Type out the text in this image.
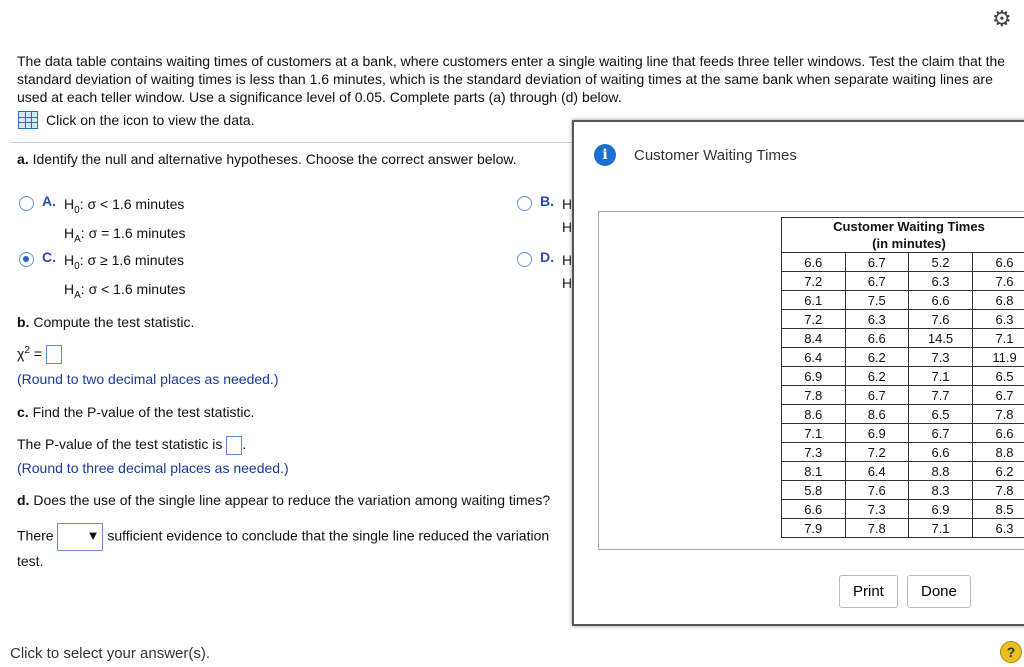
⚙
The data table contains waiting times of customers at a bank, where customers enter a single waiting line that feeds three teller windows. Test the claim that the standard deviation of waiting times is less than 1.6 minutes, which is the standard deviation of waiting times at the same bank when separate waiting lines are used at each teller window. Use a significance level of 0.05. Complete parts (a) through (d) below.
Click on the icon to view the data.
a. Identify the null and alternative hypotheses. Choose the correct answer below.
A. $H_0$: σ < 1.6 minutes
$H_A$: σ = 1.6 minutes
B. H
H
C. $H_0$: σ ≥ 1.6 minutes
$H_A$: σ < 1.6 minutes
D. H
H
b. Compute the test statistic.
$\chi^2$ =
(Round to two decimal places as needed.)
c. Find the P-value of the test statistic.
The P-value of the test statistic is .
(Round to three decimal places as needed.)
d. Does the use of the single line appear to reduce the variation among waiting times?
There	▼ sufficient evidence to conclude that the single line reduced the variation
test.
Click to select your answer(s).	?
i	Customer Waiting Times
Customer Waiting Times
(in minutes)			

6.6	6.7	5.2	6.6
7.2	6.7	6.3	7.6
6.1	7.5	6.6	6.8
7.2	6.3	7.6	6.3
8.4	6.6	14.5	7.1
6.4	6.2	7.3	11.9
6.9	6.2	7.1	6.5
7.8	6.7	7.7	6.7
8.6	8.6	6.5	7.8
7.1	6.9	6.7	6.6
7.3	7.2	6.6	8.8
8.1	6.4	8.8	6.2
5.8	7.6	8.3	7.8
6.6	7.3	6.9	8.5
7.9	7.8	7.1	6.3
Print	Done
